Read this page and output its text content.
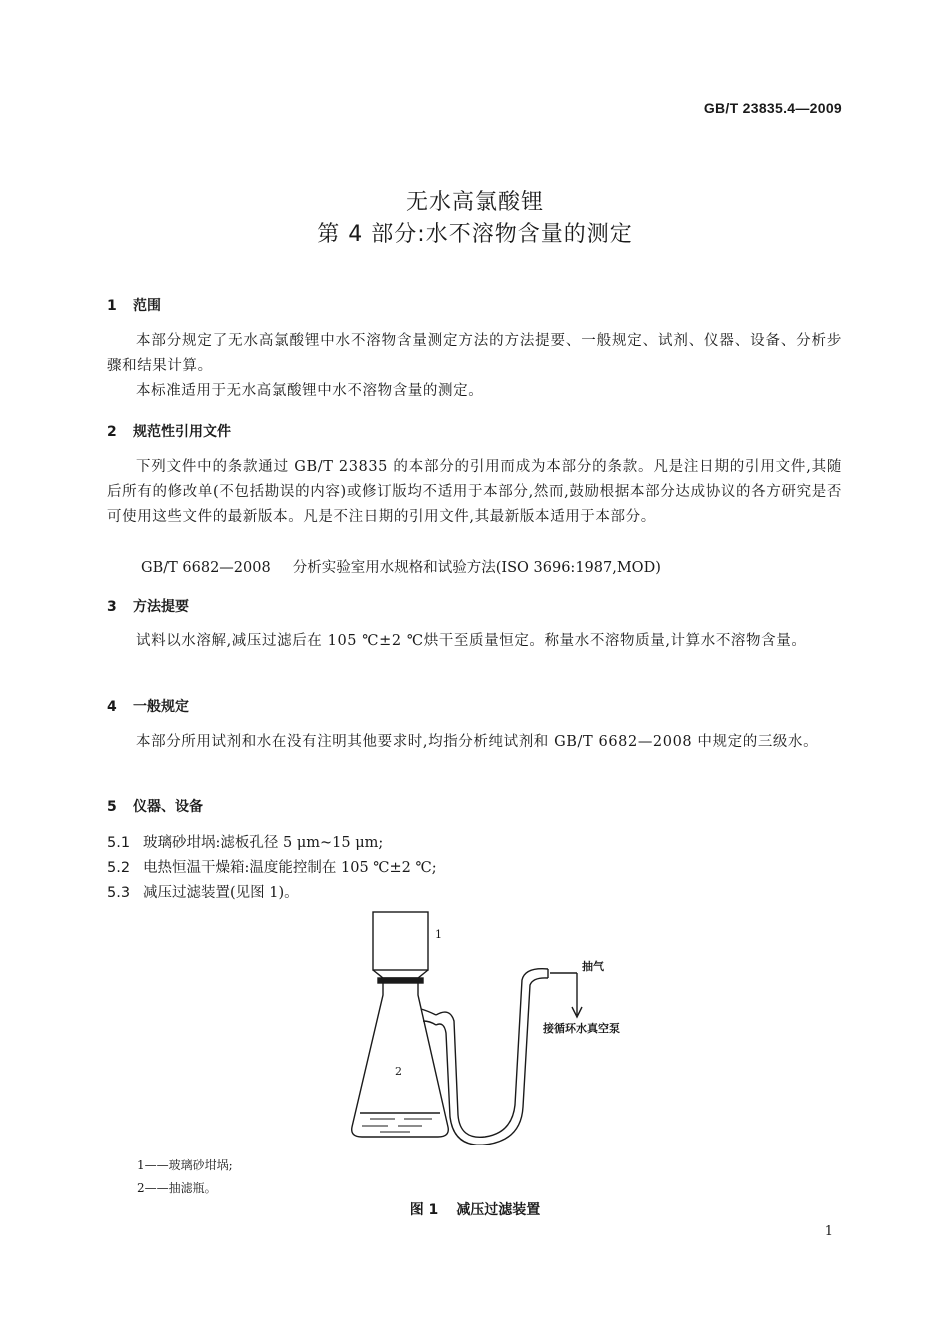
GB/T 23835.4—2009
无水高氯酸锂
第 4 部分:水不溶物含量的测定
1 范围
本部分规定了无水高氯酸锂中水不溶物含量测定方法的方法提要、一般规定、试剂、仪器、设备、分析步骤和结果计算。
本标准适用于无水高氯酸锂中水不溶物含量的测定。
2 规范性引用文件
下列文件中的条款通过 GB/T 23835 的本部分的引用而成为本部分的条款。凡是注日期的引用文件,其随后所有的修改单(不包括勘误的内容)或修订版均不适用于本部分,然而,鼓励根据本部分达成协议的各方研究是否可使用这些文件的最新版本。凡是不注日期的引用文件,其最新版本适用于本部分。
GB/T 6682—2008 分析实验室用水规格和试验方法(ISO 3696:1987,MOD)
3 方法提要
试料以水溶解,减压过滤后在 105 ℃±2 ℃烘干至质量恒定。称量水不溶物质量,计算水不溶物含量。
4 一般规定
本部分所用试剂和水在没有注明其他要求时,均指分析纯试剂和 GB/T 6682—2008 中规定的三级水。
5 仪器、设备
5.1 玻璃砂坩埚:滤板孔径 5 μm~15 μm;
5.2 电热恒温干燥箱:温度能控制在 105 ℃±2 ℃;
5.3 减压过滤装置(见图 1)。
1
2
抽气
接循环水真空泵
1——玻璃砂坩埚;
2——抽滤瓶。
图 1 减压过滤装置
1
